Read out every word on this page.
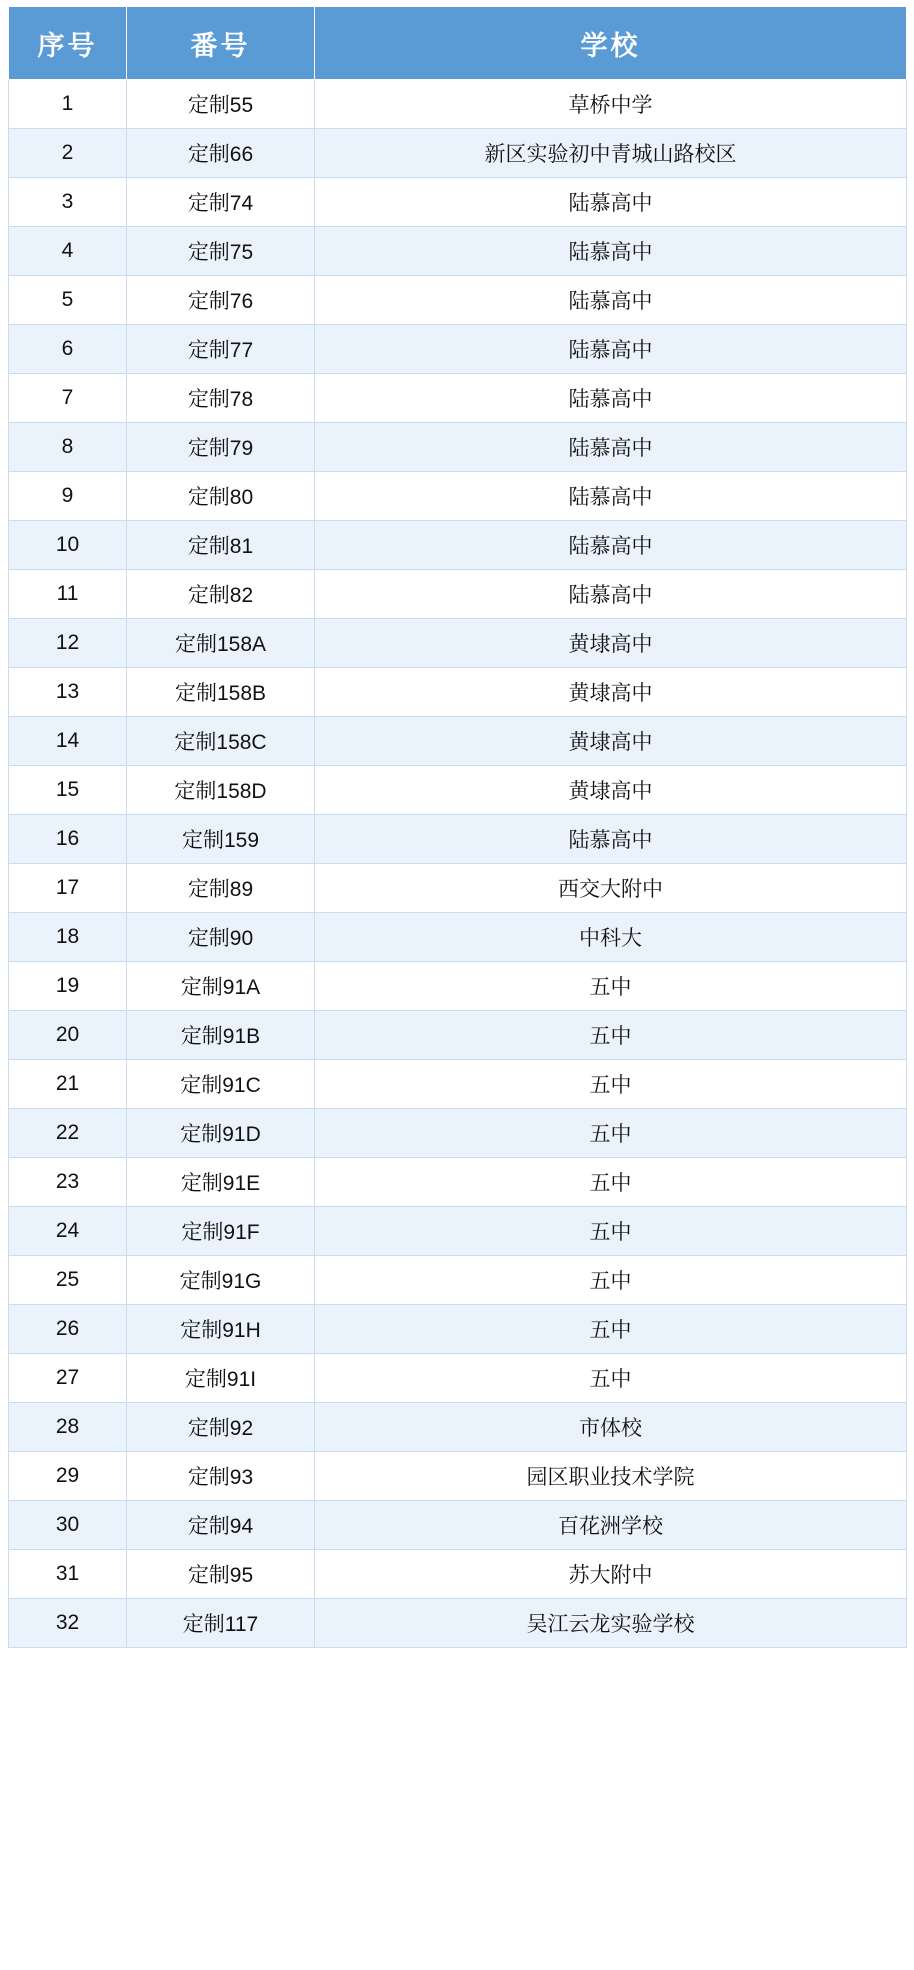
序号	番号	学校
1	定制55	草桥中学
2	定制66	新区实验初中青城山路校区
3	定制74	陆慕高中
4	定制75	陆慕高中
5	定制76	陆慕高中
6	定制77	陆慕高中
7	定制78	陆慕高中
8	定制79	陆慕高中
9	定制80	陆慕高中
10	定制81	陆慕高中
11	定制82	陆慕高中
12	定制158A	黄埭高中
13	定制158B	黄埭高中
14	定制158C	黄埭高中
15	定制158D	黄埭高中
16	定制159	陆慕高中
17	定制89	西交大附中
18	定制90	中科大
19	定制91A	五中
20	定制91B	五中
21	定制91C	五中
22	定制91D	五中
23	定制91E	五中
24	定制91F	五中
25	定制91G	五中
26	定制91H	五中
27	定制91I	五中
28	定制92	市体校
29	定制93	园区职业技术学院
30	定制94	百花洲学校
31	定制95	苏大附中
32	定制117	吴江云龙实验学校
